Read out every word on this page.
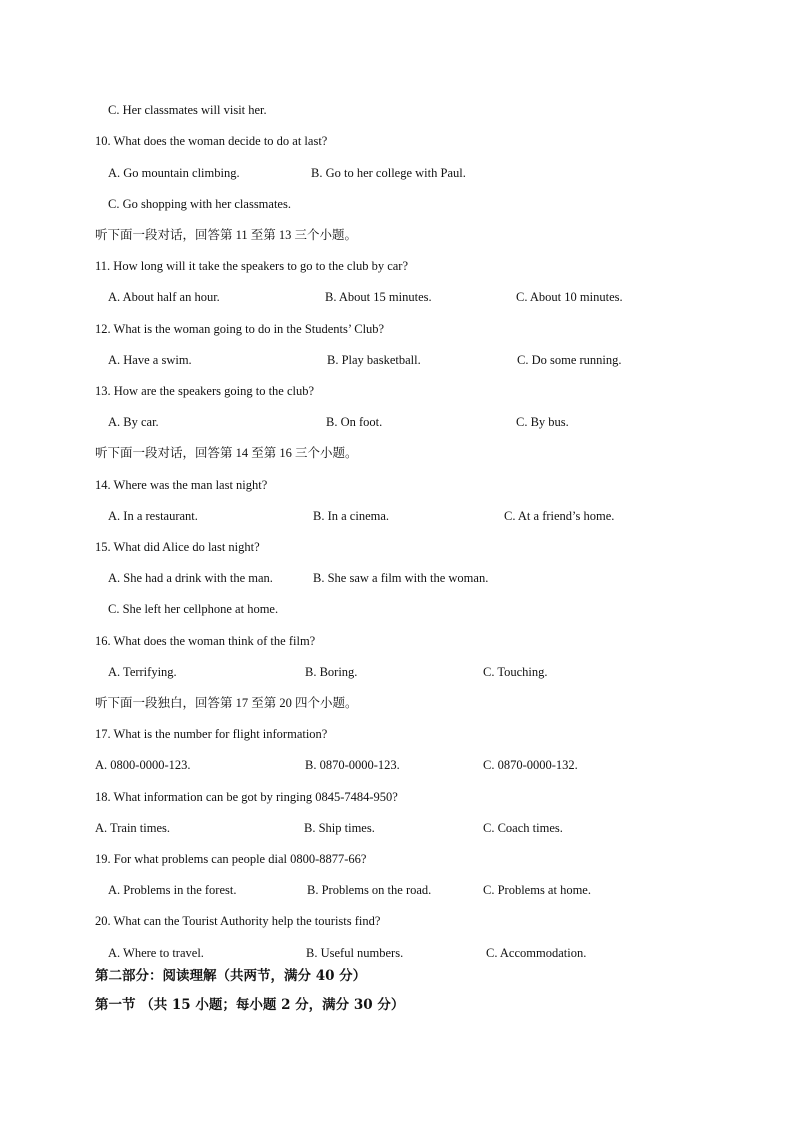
C. Her classmates will visit her.
10. What does the woman decide to do at last?
A. Go mountain climbing.	B. Go to her college with Paul.
C. Go shopping with her classmates.
听下面一段对话，回答第 11 至第 13 三个小题。
11. How long will it take the speakers to go to the club by car?
A. About half an hour.	B. About 15 minutes.	C. About 10 minutes.
12. What is the woman going to do in the Students’ Club?
A. Have a swim.	B. Play basketball.	C. Do some running.
13. How are the speakers going to the club?
A. By car.	B. On foot.	C. By bus.
听下面一段对话，回答第 14 至第 16 三个小题。
14. Where was the man last night?
A. In a restaurant.	B. In a cinema.	C. At a friend’s home.
15. What did Alice do last night?
A. She had a drink with the man.	B. She saw a film with the woman.
C. She left her cellphone at home.
16. What does the woman think of the film?
A. Terrifying.	B. Boring.	C. Touching.
听下面一段独白，回答第 17 至第 20 四个小题。
17. What is the number for flight information?
A. 0800-0000-123.	B. 0870-0000-123.	C. 0870-0000-132.
18. What information can be got by ringing 0845-7484-950?
A. Train times.	B. Ship times.	C. Coach times.
19. For what problems can people dial 0800-8877-66?
A. Problems in the forest.	B. Problems on the road.	C. Problems at home.
20. What can the Tourist Authority help the tourists find?
A. Where to travel.	B. Useful numbers.	C. Accommodation.
第二部分：阅读理解（共两节，满分 40 分）
第一节 （共 15 小题；每小题 2 分，满分 30 分）
